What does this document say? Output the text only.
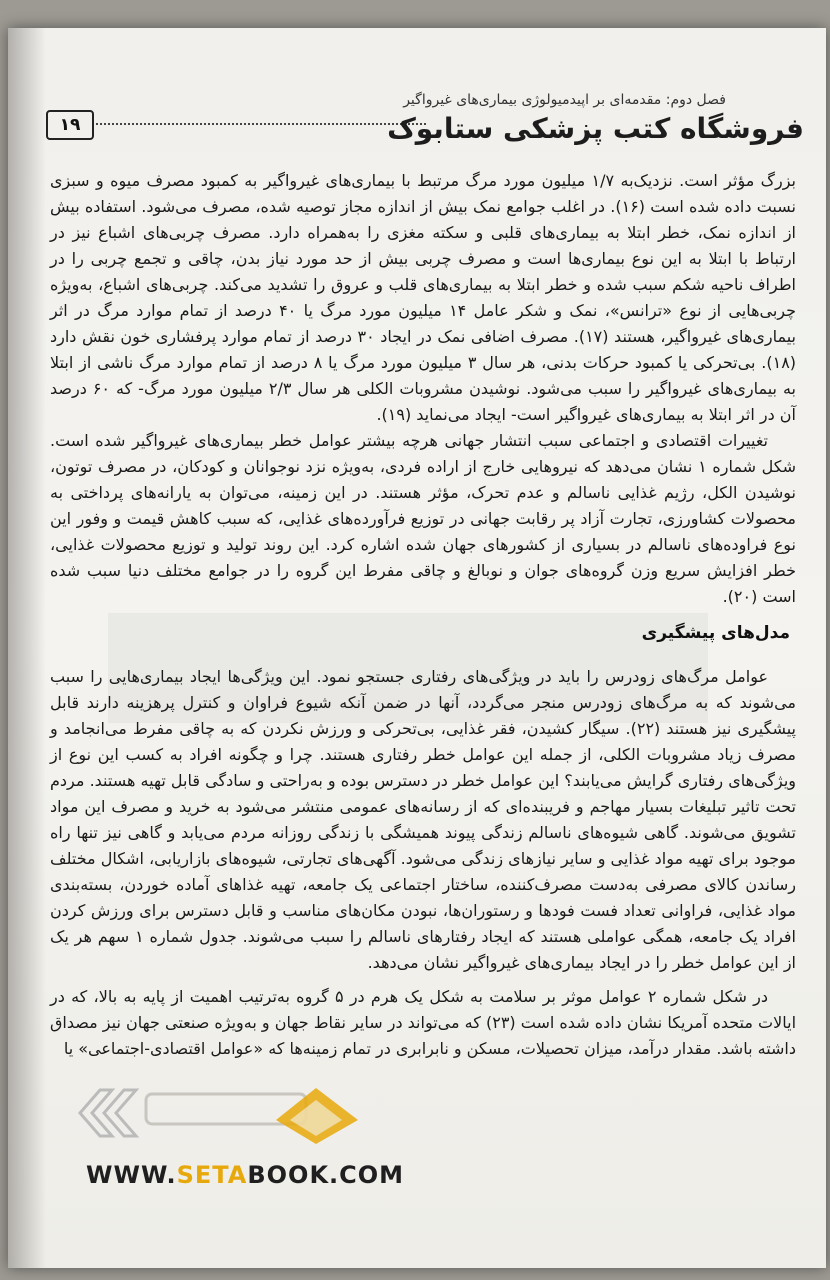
۱۹
فصل دوم: مقدمه‌ای بر اپیدمیولوژی بیماری‌های غیرواگیر
فروشگاه کتب پزشکی ستابوک

بزرگ مؤثر است. نزدیک‌به ۱/۷ میلیون مورد مرگ مرتبط با بیماری‌های غیرواگیر به کمبود مصرف میوه و سبزی نسبت داده شده است (۱۶). در اغلب جوامع نمک بیش از اندازه مجاز توصیه شده، مصرف می‌شود. استفاده بیش از اندازه نمک، خطر ابتلا به بیماری‌های قلبی و سکته مغزی را به‌همراه دارد. مصرف چربی‌های اشباع نیز در ارتباط با ابتلا به این نوع بیماری‌ها است و مصرف چربی بیش از حد مورد نیاز بدن، چاقی و تجمع چربی را در اطراف ناحیه شکم سبب شده و خطر ابتلا به بیماری‌های قلب و عروق را تشدید می‌کند. چربی‌های اشباع، به‌ویژه چربی‌هایی از نوع «ترانس»، نمک و شکر عامل ۱۴ میلیون مورد مرگ یا ۴۰ درصد از تمام موارد مرگ در اثر بیماری‌های غیرواگیر، هستند (۱۷). مصرف اضافی نمک در ایجاد ۳۰ درصد از تمام موارد پرفشاری خون نقش دارد (۱۸). بی‌تحرکی یا کمبود حرکات بدنی، هر سال ۳ میلیون مورد مرگ یا ۸ درصد از تمام موارد مرگ ناشی از ابتلا به بیماری‌های غیرواگیر را سبب می‌شود. نوشیدن مشروبات الکلی هر سال ۲/۳ میلیون مورد مرگ- که ۶۰ درصد آن در اثر ابتلا به بیماری‌های غیرواگیر است- ایجاد می‌نماید (۱۹).

تغییرات اقتصادی و اجتماعی سبب انتشار جهانی هرچه بیشتر عوامل خطر بیماری‌های غیرواگیر شده است. شکل شماره ۱ نشان می‌دهد که نیروهایی خارج از اراده فردی، به‌ویژه نزد نوجوانان و کودکان، در مصرف توتون، نوشیدن الکل، رژیم غذایی ناسالم و عدم تحرک، مؤثر هستند. در این زمینه، می‌توان به یارانه‌های پرداختی به محصولات کشاورزی، تجارت آزاد پر رقابت جهانی در توزیع فرآورده‌های غذایی، که سبب کاهش قیمت و وفور این نوع فراوده‌های ناسالم در بسیاری از کشورهای جهان شده اشاره کرد. این روند تولید و توزیع محصولات غذایی، خطر افزایش سریع وزن گروه‌های جوان و نوبالغ و چاقی مفرط این گروه را در جوامع مختلف دنیا سبب شده است (۲۰).

مدل‌های پیشگیری

عوامل مرگ‌های زودرس را باید در ویژگی‌های رفتاری جستجو نمود. این ویژگی‌ها ایجاد بیماری‌هایی را سبب می‌شوند که به مرگ‌های زودرس منجر می‌گردد، آنها در ضمن آنکه شیوع فراوان و کنترل پرهزینه دارند قابل پیشگیری نیز هستند (۲۲). سیگار کشیدن، فقر غذایی، بی‌تحرکی و ورزش نکردن که به چاقی مفرط می‌انجامد و مصرف زیاد مشروبات الکلی، از جمله این عوامل خطر رفتاری هستند. چرا و چگونه افراد به کسب این نوع از ویژگی‌های رفتاری گرایش می‌یابند؟ این عوامل خطر در دسترس بوده و به‌راحتی و سادگی قابل تهیه هستند. مردم تحت تاثیر تبلیغات بسیار مهاجم و فریبنده‌ای که از رسانه‌های عمومی منتشر می‌شود به خرید و مصرف این مواد تشویق می‌شوند. گاهی شیوه‌های ناسالم زندگی پیوند همیشگی با زندگی روزانه مردم می‌یابد و گاهی نیز تنها راه موجود برای تهیه مواد غذایی و سایر نیازهای زندگی می‌شود. آگهی‌های تجارتی، شیوه‌های بازاریابی، اشکال مختلف رساندن کالای مصرفی به‌دست مصرف‌کننده، ساختار اجتماعی یک جامعه، تهیه غذاهای آماده خوردن، بسته‌بندی مواد غذایی، فراوانی تعداد فست فودها و رستوران‌ها، نبودن مکان‌های مناسب و قابل دسترس برای ورزش کردن افراد یک جامعه، همگی عواملی هستند که ایجاد رفتارهای ناسالم را سبب می‌شوند. جدول شماره ۱ سهم هر یک از این عوامل خطر را در ایجاد بیماری‌های غیرواگیر نشان می‌دهد.

در شکل شماره ۲ عوامل موثر بر سلامت به شکل یک هرم در ۵ گروه به‌ترتیب اهمیت از پایه به بالا، که در ایالات متحده آمریکا نشان داده شده است (۲۳) که می‌تواند در سایر نقاط جهان و به‌ویژه صنعتی جهان نیز مصداق داشته باشد. مقدار درآمد، میزان تحصیلات، مسکن و نابرابری در تمام زمینه‌ها که «عوامل اقتصادی-اجتماعی» یا

WWW.SETABOOK.COM
